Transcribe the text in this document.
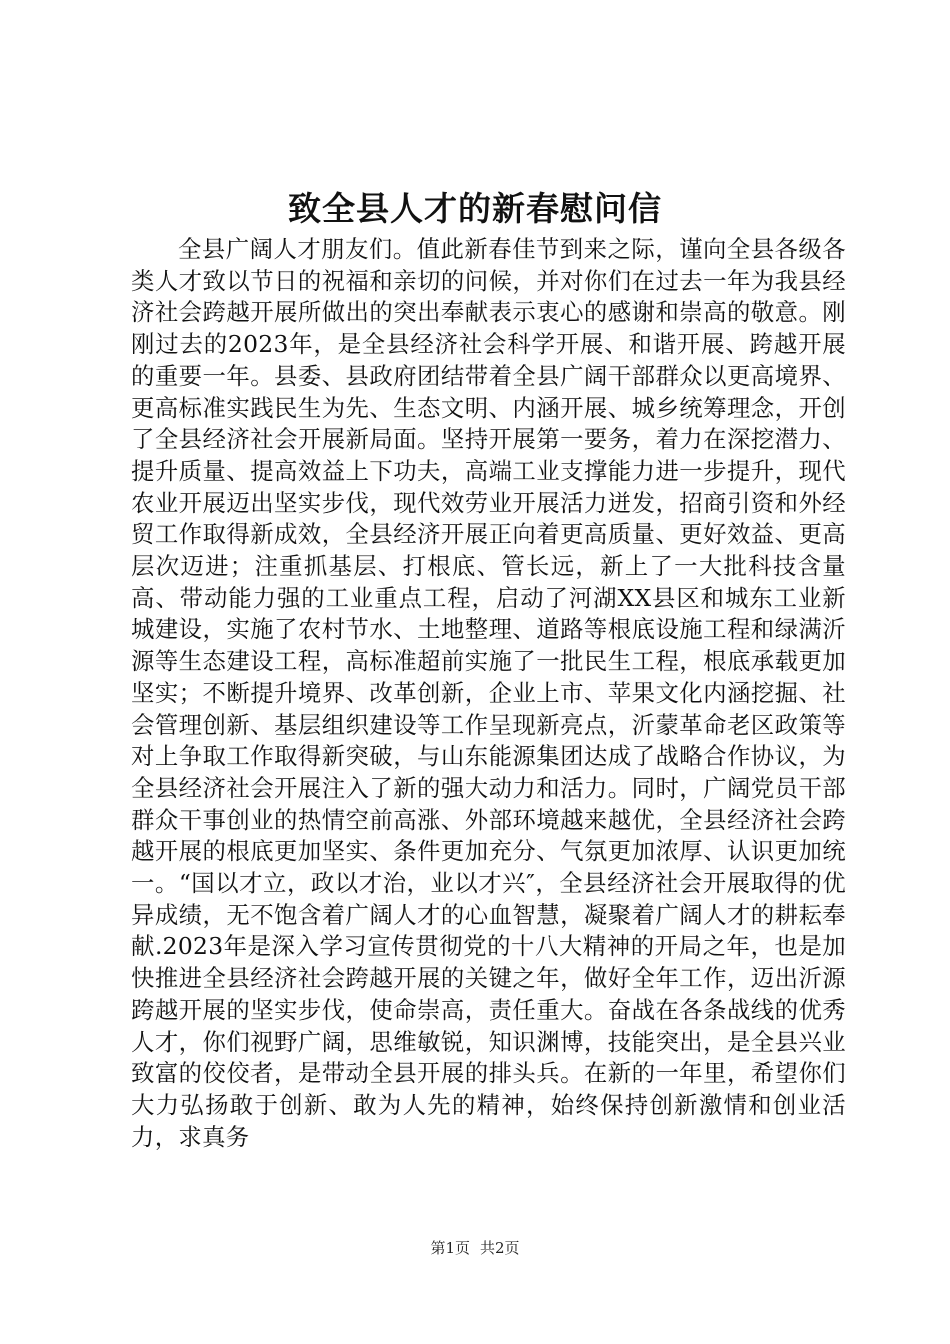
致全县人才的新春慰问信

全县广阔人才朋友们。值此新春佳节到来之际，谨向全县各级各类人才致以节日的祝福和亲切的问候，并对你们在过去一年为我县经济社会跨越开展所做出的突出奉献表示衷心的感谢和崇高的敬意。刚刚过去的2023年，是全县经济社会科学开展、和谐开展、跨越开展的重要一年。县委、县政府团结带着全县广阔干部群众以更高境界、更高标准实践民生为先、生态文明、内涵开展、城乡统筹理念，开创了全县经济社会开展新局面。坚持开展第一要务，着力在深挖潜力、提升质量、提高效益上下功夫，高端工业支撑能力进一步提升，现代农业开展迈出坚实步伐，现代效劳业开展活力迸发，招商引资和外经贸工作取得新成效，全县经济开展正向着更高质量、更好效益、更高层次迈进；注重抓基层、打根底、管长远，新上了一大批科技含量高、带动能力强的工业重点工程，启动了河湖XX县区和城东工业新城建设，实施了农村节水、土地整理、道路等根底设施工程和绿满沂源等生态建设工程，高标准超前实施了一批民生工程，根底承载更加坚实；不断提升境界、改革创新，企业上市、苹果文化内涵挖掘、社会管理创新、基层组织建设等工作呈现新亮点，沂蒙革命老区政策等对上争取工作取得新突破，与山东能源集团达成了战略合作协议，为全县经济社会开展注入了新的强大动力和活力。同时，广阔党员干部群众干事创业的热情空前高涨、外部环境越来越优，全县经济社会跨越开展的根底更加坚实、条件更加充分、气氛更加浓厚、认识更加统一。“国以才立，政以才治，业以才兴″，全县经济社会开展取得的优异成绩，无不饱含着广阔人才的心血智慧，凝聚着广阔人才的耕耘奉献.2023年是深入学习宣传贯彻党的十八大精神的开局之年，也是加快推进全县经济社会跨越开展的关键之年，做好全年工作，迈出沂源跨越开展的坚实步伐，使命崇高，责任重大。奋战在各条战线的优秀人才，你们视野广阔，思维敏锐，知识渊博，技能突出，是全县兴业致富的佼佼者，是带动全县开展的排头兵。在新的一年里，希望你们大力弘扬敢于创新、敢为人先的精神，始终保持创新激情和创业活力，求真务

第1页 共2页
